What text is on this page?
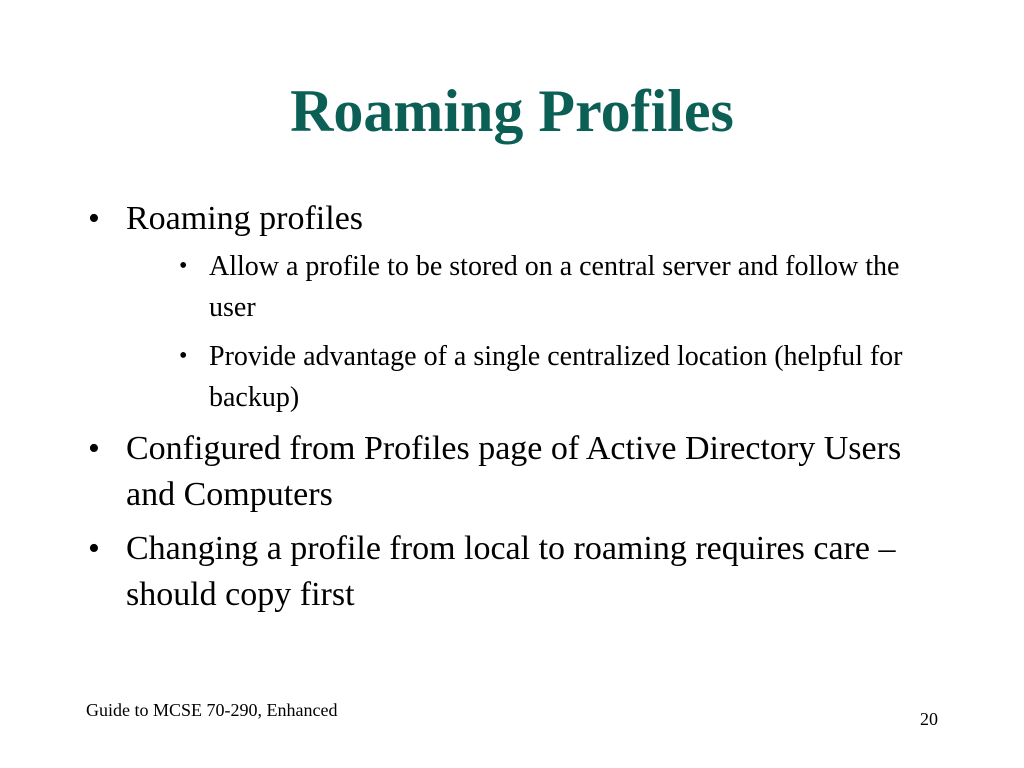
Roaming Profiles
• Roaming profiles
• Allow a profile to be stored on a central server and follow the user
• Provide advantage of a single centralized location (helpful for backup)
• Configured from Profiles page of Active Directory Users and Computers
• Changing a profile from local to roaming requires care – should copy first
Guide to MCSE 70-290, Enhanced	20
